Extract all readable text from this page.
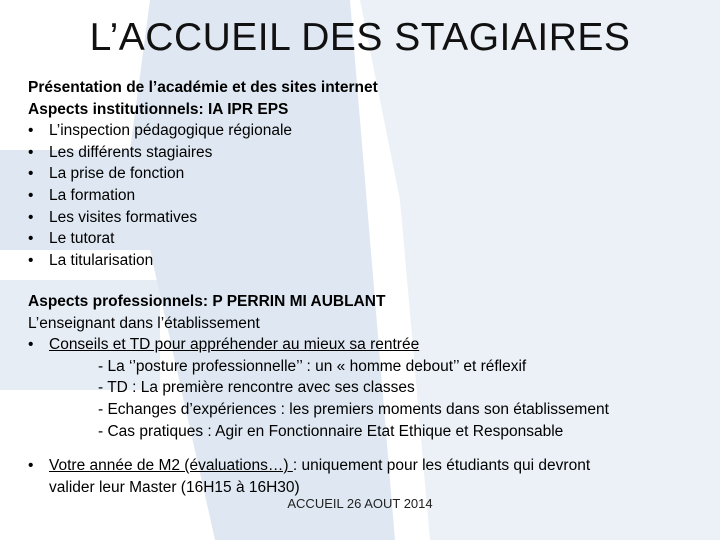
L’ACCUEIL DES STAGIAIRES
Présentation de l’académie et des sites internet
Aspects institutionnels: IA IPR EPS
•	L’inspection pédagogique régionale
•	Les différents stagiaires
•	La prise de fonction
•	La formation
•	Les visites formatives
•	Le tutorat
•	La titularisation
Aspects professionnels: P PERRIN MI AUBLANT
L’enseignant dans l’établissement
•	Conseils et TD pour appréhender au mieux sa rentrée
- La ‘’posture professionnelle’’ : un « homme debout’’ et réflexif
- TD : La première rencontre avec ses classes
- Echanges d’expériences : les premiers moments dans son établissement
- Cas pratiques : Agir en Fonctionnaire Etat Ethique et Responsable
•	Votre année de M2 (évaluations…) : uniquement pour les étudiants qui devront
valider leur Master (16H15 à 16H30)
ACCUEIL 26 AOUT 2014
